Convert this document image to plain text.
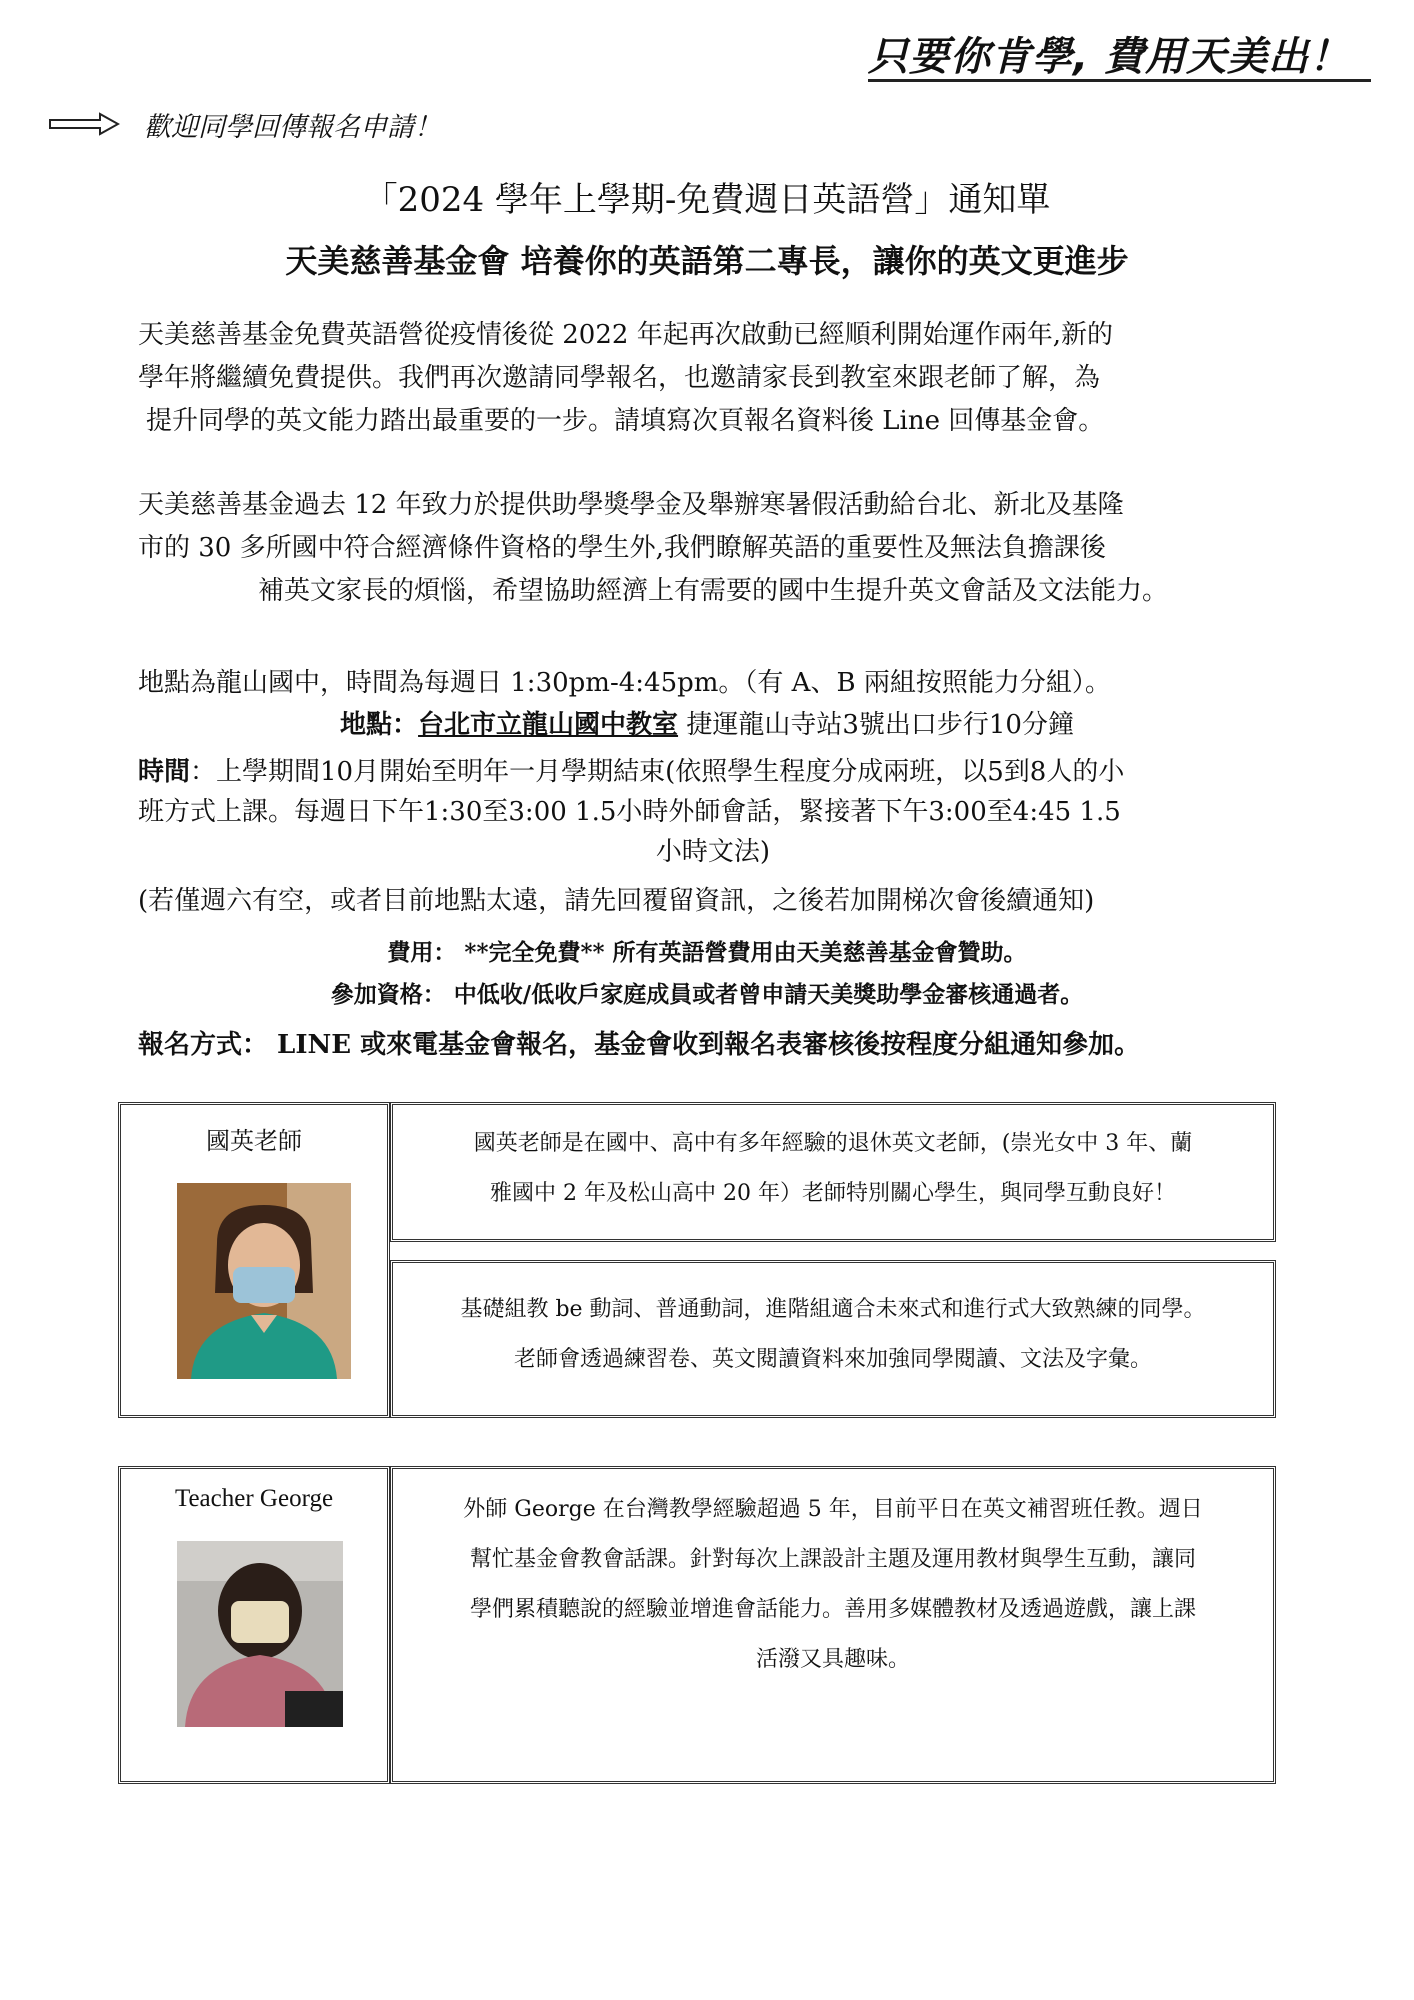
只要你肯學, 費用天美出！
歡迎同學回傳報名申請！
「2024 學年上學期-免費週日英語營」通知單
天美慈善基金會 培養你的英語第二專長，讓你的英文更進步
天美慈善基金免費英語營從疫情後從 2022 年起再次啟動已經順利開始運作兩年,新的
學年將繼續免費提供。我們再次邀請同學報名，也邀請家長到教室來跟老師了解，為
提升同學的英文能力踏出最重要的一步。請填寫次頁報名資料後 Line 回傳基金會。
天美慈善基金過去 12 年致力於提供助學獎學金及舉辦寒暑假活動給台北、新北及基隆
市的 30 多所國中符合經濟條件資格的學生外,我們瞭解英語的重要性及無法負擔課後
補英文家長的煩惱，希望協助經濟上有需要的國中生提升英文會話及文法能力。
地點為龍山國中，時間為每週日 1:30pm-4:45pm。（有 A、B 兩組按照能力分組）。
地點：台北市立龍山國中教室 捷運龍山寺站3號出口步行10分鐘
時間：上學期間10月開始至明年一月學期結束(依照學生程度分成兩班，以5到8人的小
班方式上課。每週日下午1:30至3:00 1.5小時外師會話，緊接著下午3:00至4:45 1.5
小時文法)
(若僅週六有空，或者目前地點太遠，請先回覆留資訊，之後若加開梯次會後續通知)
費用： **完全免費** 所有英語營費用由天美慈善基金會贊助。
參加資格： 中低收/低收戶家庭成員或者曾申請天美獎助學金審核通過者。
報名方式： LINE 或來電基金會報名，基金會收到報名表審核後按程度分組通知參加。
國英老師	國英老師是在國中、高中有多年經驗的退休英文老師，(崇光女中 3 年、蘭
雅國中 2 年及松山高中 20 年）老師特別關心學生，與同學互動良好！
基礎組教 be 動詞、普通動詞，進階組適合未來式和進行式大致熟練的同學。
老師會透過練習卷、英文閱讀資料來加強同學閱讀、文法及字彙。
Teacher George	外師 George 在台灣教學經驗超過 5 年，目前平日在英文補習班任教。週日
幫忙基金會教會話課。針對每次上課設計主題及運用教材與學生互動，讓同
學們累積聽說的經驗並增進會話能力。善用多媒體教材及透過遊戲，讓上課
活潑又具趣味。
